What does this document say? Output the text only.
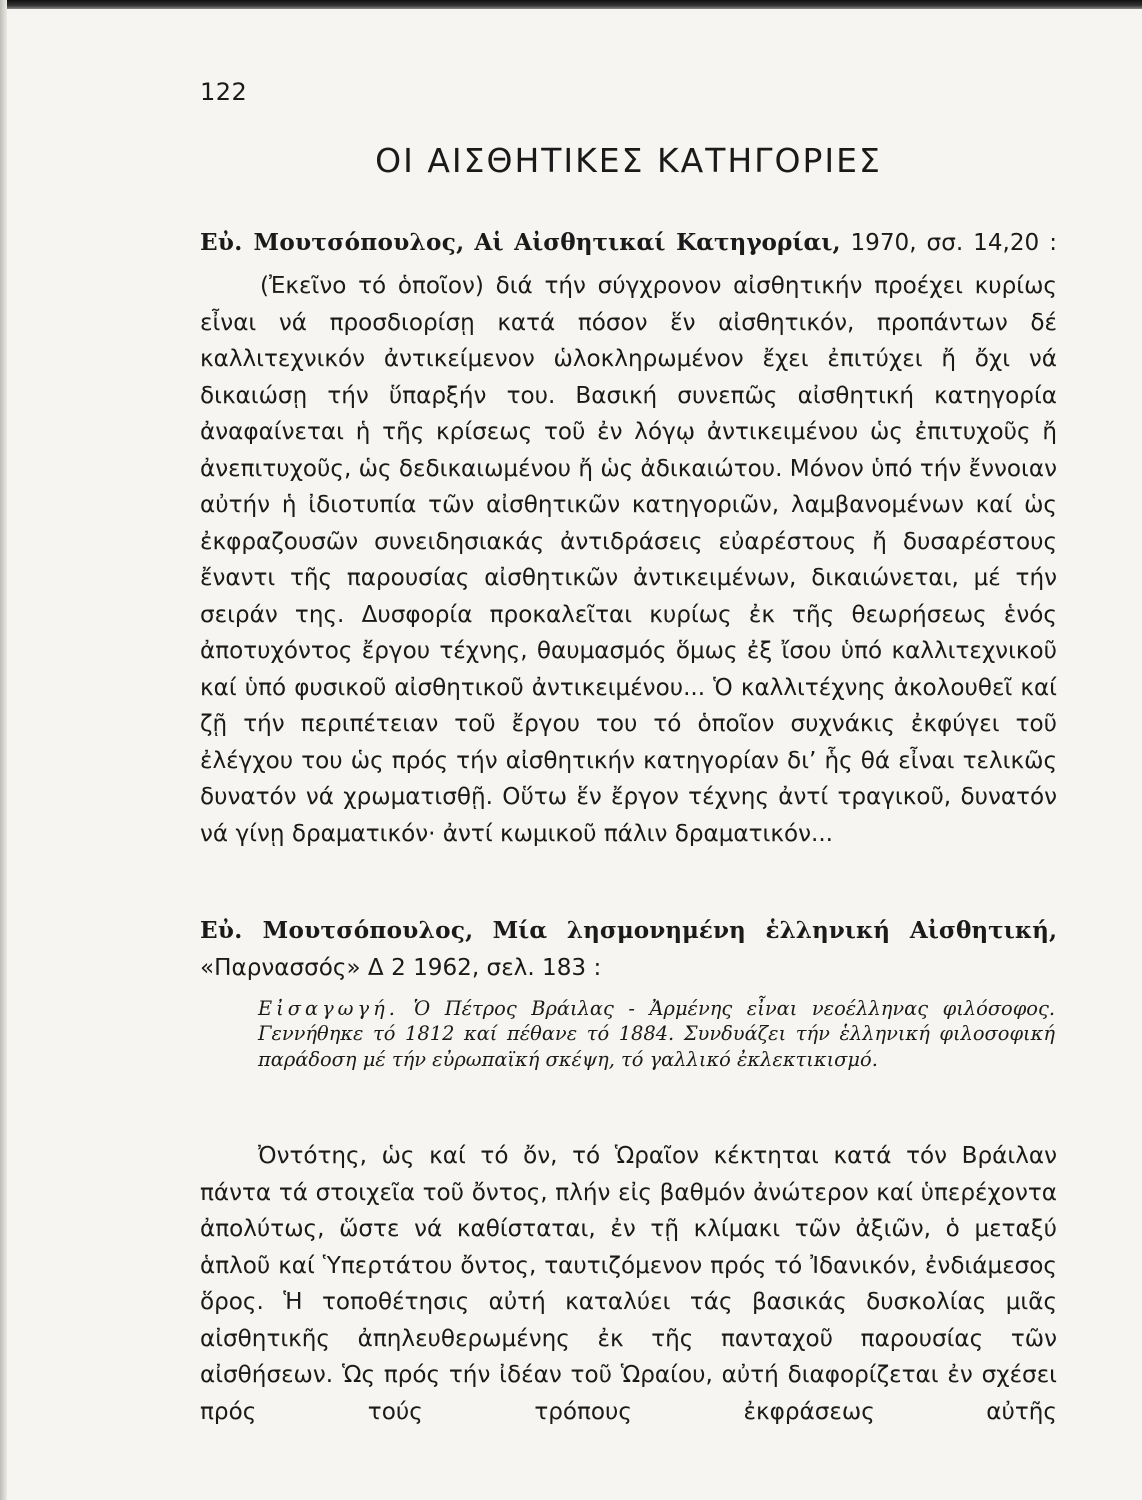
122
ΟΙ ΑΙΣΘΗΤΙΚΕΣ ΚΑΤΗΓΟΡΙΕΣ

Εὐ. Μουτσόπουλος, Αἱ Αἰσθητικαί Κατηγορίαι, 1970, σσ. 14,20 :

(Ἐκεῖνο τό ὁποῖον) διά τήν σύγχρονον αἰσθητικήν προέχει κυρίως εἶναι νά προσδιορίσῃ κατά πόσον ἕν αἰσθητικόν, προπάντων δέ καλλιτεχνικόν ἀντικείμενον ὡλοκληρωμένον ἔχει ἐπιτύχει ἤ ὄχι νά δικαιώσῃ τήν ὕπαρξήν του. Βασική συνεπῶς αἰσθητική κατηγορία ἀναφαίνεται ἡ τῆς κρίσεως τοῦ ἐν λόγῳ ἀντικειμένου ὡς ἐπιτυχοῦς ἤ ἀνεπιτυχοῦς, ὡς δεδικαιωμένου ἤ ὡς ἀδικαιώτου. Μόνον ὑπό τήν ἔννοιαν αὐτήν ἡ ἰδιοτυπία τῶν αἰσθητικῶν κατηγοριῶν, λαμβανομένων καί ὡς ἐκφραζουσῶν συνειδησιακάς ἀντιδράσεις εὐαρέστους ἤ δυσαρέστους ἔναντι τῆς παρουσίας αἰσθητικῶν ἀντικειμένων, δικαιώνεται, μέ τήν σειράν της. Δυσφορία προκαλεῖται κυρίως ἐκ τῆς θεωρήσεως ἑνός ἀποτυχόντος ἔργου τέχνης, θαυμασμός ὅμως ἐξ ἴσου ὑπό καλλιτεχνικοῦ καί ὑπό φυσικοῦ αἰσθητικοῦ ἀντικειμένου... Ὁ καλλιτέχνης ἀκολουθεῖ καί ζῇ τήν περιπέτειαν τοῦ ἔργου του τό ὁποῖον συχνάκις ἐκφύγει τοῦ ἐλέγχου του ὡς πρός τήν αἰσθητικήν κατηγορίαν δι’ ἧς θά εἶναι τελικῶς δυνατόν νά χρωματισθῇ. Οὕτω ἕν ἔργον τέχνης ἀντί τραγικοῦ, δυνατόν νά γίνῃ δραματικόν· ἀντί κωμικοῦ πάλιν δραματικόν...

Εὐ. Μουτσόπουλος, Μία λησμονημένη ἑλληνική Αἰσθητική, «Παρνασσός» Δ 2 1962, σελ. 183 :

Εἰσαγωγή. Ὁ Πέτρος Βράιλας - Ἀρμένης εἶναι νεοέλληνας φιλόσοφος. Γεννήθηκε τό 1812 καί πέθανε τό 1884. Συνδυάζει τήν ἑλληνική φιλοσοφική παράδοση μέ τήν εὐρωπαϊκή σκέψη, τό γαλλικό ἐκλεκτικισμό.

Ὀντότης, ὡς καί τό ὄν, τό Ὡραῖον κέκτηται κατά τόν Βράιλαν πάντα τά στοιχεῖα τοῦ ὄντος, πλήν εἰς βαθμόν ἀνώτερον καί ὑπερέχοντα ἀπολύτως, ὥστε νά καθίσταται, ἐν τῇ κλίμακι τῶν ἀξιῶν, ὁ μεταξύ ἁπλοῦ καί Ὑπερτάτου ὄντος, ταυτιζόμενον πρός τό Ἰδανικόν, ἐνδιάμεσος ὅρος. Ἡ τοποθέτησις αὐτή καταλύει τάς βασικάς δυσκολίας μιᾶς αἰσθητικῆς ἀπηλευθερωμένης ἐκ τῆς πανταχοῦ παρουσίας τῶν αἰσθήσεων. Ὡς πρός τήν ἰδέαν τοῦ Ὡραίου, αὐτή διαφορίζεται ἐν σχέσει πρός τούς τρόπους ἐκφράσεως αὐτῆς
